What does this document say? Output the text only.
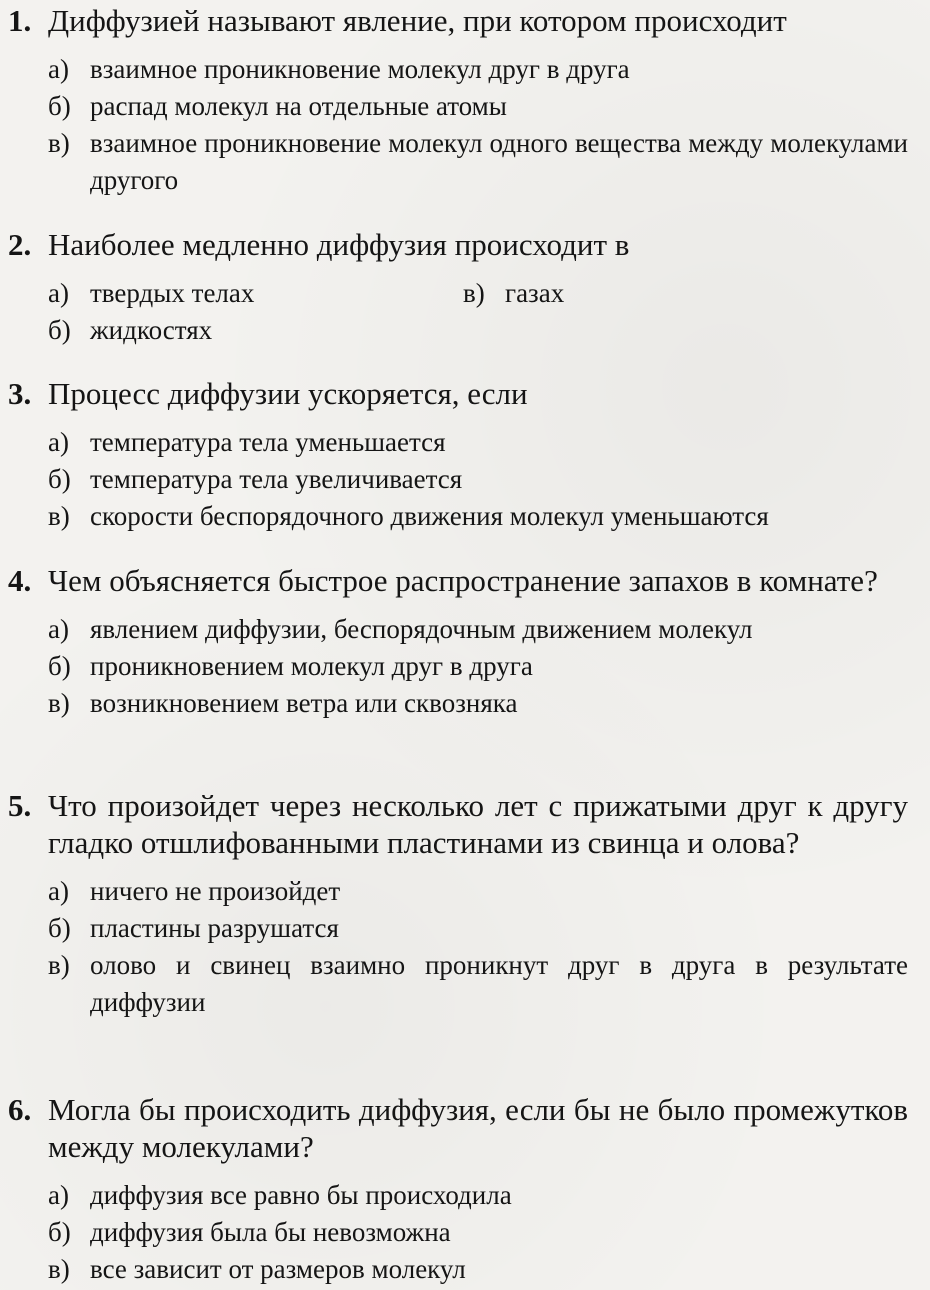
1. Диффузией называют явление, при котором происходит
а) взаимное проникновение молекул друг в друга
б) распад молекул на отдельные атомы
в) взаимное проникновение молекул одного вещества между молекулами другого
2. Наиболее медленно диффузия происходит в
а) твердых телах	в) газах
б) жидкостях
3. Процесс диффузии ускоряется, если
а) температура тела уменьшается
б) температура тела увеличивается
в) скорости беспорядочного движения молекул уменьшаются
4. Чем объясняется быстрое распространение запахов в комнате?
а) явлением диффузии, беспорядочным движением молекул
б) проникновением молекул друг в друга
в) возникновением ветра или сквозняка
5. Что произойдет через несколько лет с прижатыми друг к другу гладко отшлифованными пластинами из свинца и олова?
а) ничего не произойдет
б) пластины разрушатся
в) олово и свинец взаимно проникнут друг в друга в результате диффузии
6. Могла бы происходить диффузия, если бы не было промежутков между молекулами?
а) диффузия все равно бы происходила
б) диффузия была бы невозможна
в) все зависит от размеров молекул
